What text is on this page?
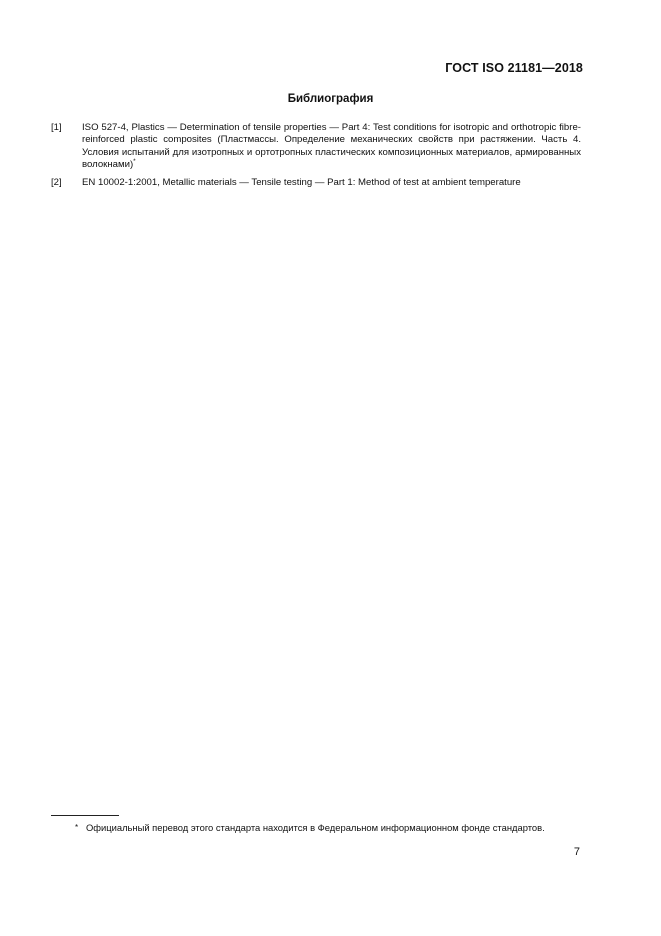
ГОСТ ISO 21181—2018
Библиография
[1] ISO 527-4, Plastics — Determination of tensile properties — Part 4: Test conditions for isotropic and orthotropic fibre-reinforced plastic composites (Пластмассы. Определение механических свойств при растяжении. Часть 4. Условия испытаний для изотропных и ортотропных пластических композиционных материалов, армированных волокнами)*
[2] EN 10002-1:2001, Metallic materials — Tensile testing — Part 1: Method of test at ambient temperature
* Официальный перевод этого стандарта находится в Федеральном информационном фонде стандартов.
7
